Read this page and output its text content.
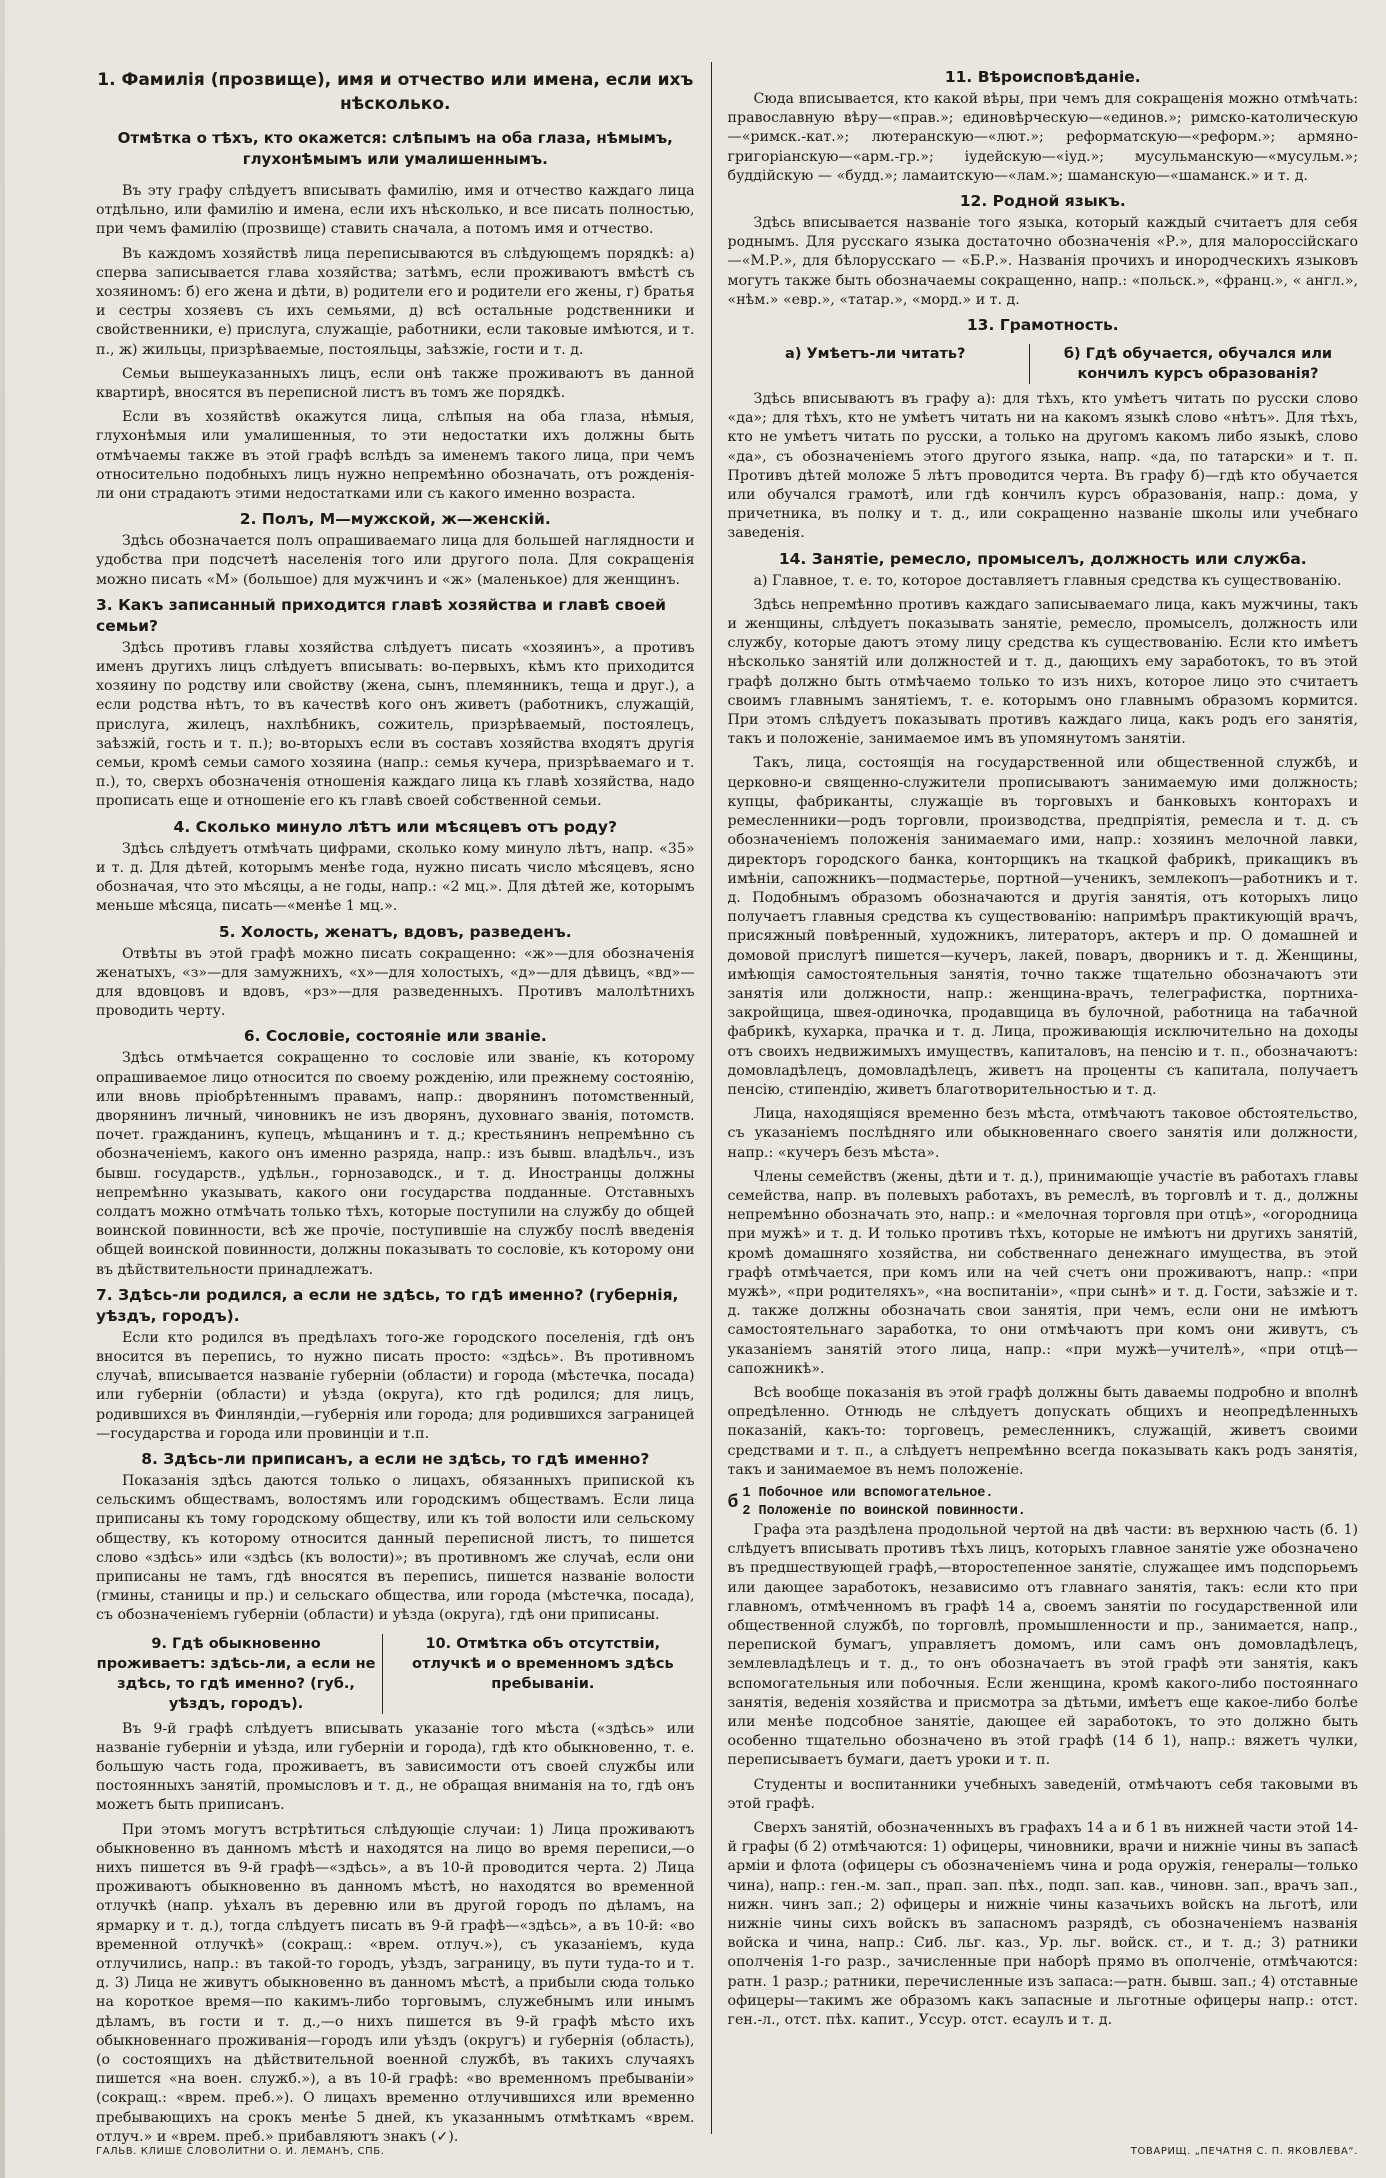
1. Фамилія (прозвище), имя и отчество или имена, если ихъ нѣсколько.
Отмѣтка о тѣхъ, кто окажется: слѣпымъ на оба глаза, нѣмымъ, глухонѣмымъ или умалишеннымъ.

Въ эту графу слѣдуетъ вписывать фамилію, имя и отчество каждаго лица отдѣльно, или фамилію и имена, если ихъ нѣсколько, и все писать полностью, при чемъ фамилію (прозвище) ставить сначала, а потомъ имя и отчество.

Въ каждомъ хозяйствѣ лица переписываются въ слѣдующемъ порядкѣ: а) сперва записывается глава хозяйства; затѣмъ, если проживаютъ вмѣстѣ съ хозяиномъ: б) его жена и дѣти, в) родители его и родители его жены, г) братья и сестры хозяевъ съ ихъ семьями, д) всѣ остальные родственники и свойственники, е) прислуга, служащіе, работники, если таковые имѣются, и т. п., ж) жильцы, призрѣваемые, постояльцы, заѣзжіе, гости и т. д.

Семьи вышеуказанныхъ лицъ, если онѣ также проживаютъ въ данной квартирѣ, вносятся въ переписной листъ въ томъ же порядкѣ.

Если въ хозяйствѣ окажутся лица, слѣпыя на оба глаза, нѣмыя, глухонѣмыя или умалишенныя, то эти недостатки ихъ должны быть отмѣчаемы также въ этой графѣ вслѣдъ за именемъ такого лица, при чемъ относительно подобныхъ лицъ нужно непремѣнно обозначать, отъ рожденія-ли они страдаютъ этими недостатками или съ какого именно возраста.

2. Полъ, М—мужской, ж—женскій.

Здѣсь обозначается полъ опрашиваемаго лица для большей наглядности и удобства при подсчетѣ населенія того или другого пола. Для сокращенія можно писать «М» (большое) для мужчинъ и «ж» (маленькое) для женщинъ.

3. Какъ записанный приходится главѣ хозяйства и главѣ своей семьи?

Здѣсь противъ главы хозяйства слѣдуетъ писать «хозяинъ», а противъ именъ другихъ лицъ слѣдуетъ вписывать: во-первыхъ, кѣмъ кто приходится хозяину по родству или свойству (жена, сынъ, племянникъ, теща и друг.), а если родства нѣтъ, то въ качествѣ кого онъ живетъ (работникъ, служащій, прислуга, жилецъ, нахлѣбникъ, сожитель, призрѣваемый, постоялецъ, заѣзжій, гость и т. п.); во-вторыхъ если въ составъ хозяйства входятъ другія семьи, кромѣ семьи самого хозяина (напр.: семья кучера, призрѣваемаго и т. п.), то, сверхъ обозначенія отношенія каждаго лица къ главѣ хозяйства, надо прописать еще и отношеніе его къ главѣ своей собственной семьи.

4. Сколько минуло лѣтъ или мѣсяцевъ отъ роду?

Здѣсь слѣдуетъ отмѣчать цифрами, сколько кому минуло лѣтъ, напр. «35» и т. д. Для дѣтей, которымъ менѣе года, нужно писать число мѣсяцевъ, ясно обозначая, что это мѣсяцы, а не годы, напр.: «2 мц.». Для дѣтей же, которымъ меньше мѣсяца, писать—«менѣе 1 мц.».

5. Холость, женатъ, вдовъ, разведенъ.

Отвѣты въ этой графѣ можно писать сокращенно: «ж»—для обозначенія женатыхъ, «з»—для замужнихъ, «х»—для холостыхъ, «д»—для дѣвицъ, «вд»—для вдовцовъ и вдовъ, «рз»—для разведенныхъ. Противъ малолѣтнихъ проводить черту.

6. Сословіе, состояніе или званіе.

Здѣсь отмѣчается сокращенно то сословіе или званіе, къ которому опрашиваемое лицо относится по своему рожденію, или прежнему состоянію, или вновь пріобрѣтеннымъ правамъ, напр.: дворянинъ потомственный, дворянинъ личный, чиновникъ не изъ дворянъ, духовнаго званія, потомств. почет. гражданинъ, купецъ, мѣщанинъ и т. д.; крестьянинъ непремѣнно съ обозначеніемъ, какого онъ именно разряда, напр.: изъ бывш. владѣльч., изъ бывш. государств., удѣльн., горнозаводск., и т. д. Иностранцы должны непремѣнно указывать, какого они государства подданные. Отставныхъ солдатъ можно отмѣчать только тѣхъ, которые поступили на службу до общей воинской повинности, всѣ же прочіе, поступившіе на службу послѣ введенія общей воинской повинности, должны показывать то сословіе, къ которому они въ дѣйствительности принадлежатъ.

7. Здѣсь-ли родился, а если не здѣсь, то гдѣ именно? (губернія, уѣздъ, городъ).

Если кто родился въ предѣлахъ того-же городского поселенія, гдѣ онъ вносится въ перепись, то нужно писать просто: «здѣсь». Въ противномъ случаѣ, вписывается названіе губерніи (области) и города (мѣстечка, посада) или губерніи (области) и уѣзда (округа), кто гдѣ родился; для лицъ, родившихся въ Финляндіи,—губернія или города; для родившихся заграницей—государства и города или провинціи и т.п.

8. Здѣсь-ли приписанъ, а если не здѣсь, то гдѣ именно?

Показанія здѣсь даются только о лицахъ, обязанныхъ припиской къ сельскимъ обществамъ, волостямъ или городскимъ обществамъ. Если лица приписаны къ тому городскому обществу, или къ той волости или сельскому обществу, къ которому относится данный переписной листъ, то пишется слово «здѣсь» или «здѣсь (къ волости)»; въ противномъ же случаѣ, если они приписаны не тамъ, гдѣ вносятся въ перепись, пишется названіе волости (гмины, станицы и пр.) и сельскаго общества, или города (мѣстечка, посада), съ обозначеніемъ губерніи (области) и уѣзда (округа), гдѣ они приписаны.

9. Гдѣ обыкновенно проживаетъ: здѣсь-ли, а если не здѣсь, то гдѣ именно? (губ., уѣздъ, городъ).
10. Отмѣтка объ отсутствіи, отлучкѣ и о временномъ здѣсь пребываніи.

Въ 9-й графѣ слѣдуетъ вписывать указаніе того мѣста («здѣсь» или названіе губерніи и уѣзда, или губерніи и города), гдѣ кто обыкновенно, т. е. большую часть года, проживаетъ, въ зависимости отъ своей службы или постоянныхъ занятій, промысловъ и т. д., не обращая вниманія на то, гдѣ онъ можетъ быть приписанъ.

При этомъ могутъ встрѣтиться слѣдующіе случаи: 1) Лица проживаютъ обыкновенно въ данномъ мѣстѣ и находятся на лицо во время переписи,—о нихъ пишется въ 9-й графѣ—«здѣсь», а въ 10-й проводится черта. 2) Лица проживаютъ обыкновенно въ данномъ мѣстѣ, но находятся во временной отлучкѣ (напр. уѣхалъ въ деревню или въ другой городъ по дѣламъ, на ярмарку и т. д.), тогда слѣдуетъ писать въ 9-й графѣ—«здѣсь», а въ 10-й: «во временной отлучкѣ» (сокращ.: «врем. отлуч.»), съ указаніемъ, куда отлучились, напр.: въ такой-то городъ, уѣздъ, заграницу, въ пути туда-то и т. д. 3) Лица не живутъ обыкновенно въ данномъ мѣстѣ, а прибыли сюда только на короткое время—по какимъ-либо торговымъ, служебнымъ или инымъ дѣламъ, въ гости и т. д.,—о нихъ пишется въ 9-й графѣ мѣсто ихъ обыкновеннаго проживанія—городъ или уѣздъ (округъ) и губернія (область), (о состоящихъ на дѣйствительной военной службѣ, въ такихъ случаяхъ пишется «на воен. служб.»), а въ 10-й графѣ: «во временномъ пребываніи» (сокращ.: «врем. преб.»). О лицахъ временно отлучившихся или временно пребывающихъ на срокъ менѣе 5 дней, къ указаннымъ отмѣткамъ «врем. отлуч.» и «врем. преб.» прибавляютъ знакъ (✓).

11. Вѣроисповѣданіе.

Сюда вписывается, кто какой вѣры, при чемъ для сокращенія можно отмѣчать: православную вѣру—«прав.»; единовѣрческую—«единов.»; римско-католическую—«римск.-кат.»; лютеранскую—«лют.»; реформатскую—«реформ.»; армяно-григоріанскую—«арм.-гр.»; іудейскую—«іуд.»; мусульманскую—«мусульм.»; буддійскую — «будд.»; ламаитскую—«лам.»; шаманскую—«шаманск.» и т. д.

12. Родной языкъ.

Здѣсь вписывается названіе того языка, который каждый считаетъ для себя роднымъ. Для русскаго языка достаточно обозначенія «Р.», для малороссійскаго—«М.Р.», для бѣлорусскаго — «Б.Р.». Названія прочихъ и инородческихъ языковъ могутъ также быть обозначаемы сокращенно, напр.: «польск.», «франц.», « англ.», «нѣм.» «евр.», «татар.», «морд.» и т. д.

13. Грамотность.
а) Умѣетъ-ли читать?	б) Гдѣ обучается, обучался или кончилъ курсъ образованія?

Здѣсь вписываютъ въ графу а): для тѣхъ, кто умѣетъ читать по русски слово «да»; для тѣхъ, кто не умѣетъ читать ни на какомъ языкѣ слово «нѣтъ». Для тѣхъ, кто не умѣетъ читать по русски, а только на другомъ какомъ либо языкѣ, слово «да», съ обозначеніемъ этого другого языка, напр. «да, по татарски» и т. п. Противъ дѣтей моложе 5 лѣтъ проводится черта. Въ графу б)—гдѣ кто обучается или обучался грамотѣ, или гдѣ кончилъ курсъ образованія, напр.: дома, у причетника, въ полку и т. д., или сокращенно названіе школы или учебнаго заведенія.

14. Занятіе, ремесло, промыселъ, должность или служба.

а) Главное, т. е. то, которое доставляетъ главныя средства къ существованію.

Здѣсь непремѣнно противъ каждаго записываемаго лица, какъ мужчины, такъ и женщины, слѣдуетъ показывать занятіе, ремесло, промыселъ, должность или службу, которые даютъ этому лицу средства къ существованію. Если кто имѣетъ нѣсколько занятій или должностей и т. д., дающихъ ему заработокъ, то въ этой графѣ должно быть отмѣчаемо только то изъ нихъ, которое лицо это считаетъ своимъ главнымъ занятіемъ, т. е. которымъ оно главнымъ образомъ кормится. При этомъ слѣдуетъ показывать противъ каждаго лица, какъ родъ его занятія, такъ и положеніе, занимаемое имъ въ упомянутомъ занятіи.

Такъ, лица, состоящія на государственной или общественной службѣ, и церковно-и священно-служители прописываютъ занимаемую ими должность; купцы, фабриканты, служащіе въ торговыхъ и банковыхъ конторахъ и ремесленники—родъ торговли, производства, предпріятія, ремесла и т. д. съ обозначеніемъ положенія занимаемаго ими, напр.: хозяинъ мелочной лавки, директоръ городского банка, конторщикъ на ткацкой фабрикѣ, прикащикъ въ имѣніи, сапожникъ—подмастерье, портной—ученикъ, землекопъ—работникъ и т. д. Подобнымъ образомъ обозначаются и другія занятія, отъ которыхъ лицо получаетъ главныя средства къ существованію: напримѣръ практикующій врачъ, присяжный повѣренный, художникъ, литераторъ, актеръ и пр. О домашней и домовой прислугѣ пишется—кучеръ, лакей, поваръ, дворникъ и т. д. Женщины, имѣющія самостоятельныя занятія, точно также тщательно обозначаютъ эти занятія или должности, напр.: женщина-врачъ, телеграфистка, портниха-закройщица, швея-одиночка, продавщица въ булочной, работница на табачной фабрикѣ, кухарка, прачка и т. д. Лица, проживающія исключительно на доходы отъ своихъ недвижимыхъ имуществъ, капиталовъ, на пенсію и т. п., обозначаютъ: домовладѣлецъ, домовладѣлецъ, живетъ на проценты съ капитала, получаетъ пенсію, стипендію, живетъ благотворительностью и т. д.

Лица, находящіяся временно безъ мѣста, отмѣчаютъ таковое обстоятельство, съ указаніемъ послѣдняго или обыкновеннаго своего занятія или должности, напр.: «кучеръ безъ мѣста».

Члены семействъ (жены, дѣти и т. д.), принимающіе участіе въ работахъ главы семейства, напр. въ полевыхъ работахъ, въ ремеслѣ, въ торговлѣ и т. д., должны непремѣнно обозначать это, напр.: и «мелочная торговля при отцѣ», «огородница при мужѣ» и т. д. И только противъ тѣхъ, которые не имѣютъ ни другихъ занятій, кромѣ домашняго хозяйства, ни собственнаго денежнаго имущества, въ этой графѣ отмѣчается, при комъ или на чей счетъ они проживаютъ, напр.: «при мужѣ», «при родителяхъ», «на воспитаніи», «при сынѣ» и т. д. Гости, заѣзжіе и т. д. также должны обозначать свои занятія, при чемъ, если они не имѣютъ самостоятельнаго заработка, то они отмѣчаютъ при комъ они живутъ, съ указаніемъ занятій этого лица, напр.: «при мужѣ—учителѣ», «при отцѣ—сапожникѣ».

Всѣ вообще показанія въ этой графѣ должны быть даваемы подробно и вполнѣ опредѣленно. Отнюдь не слѣдуетъ допускать общихъ и неопредѣленныхъ показаній, какъ-то: торговецъ, ремесленникъ, служащій, живетъ своими средствами и т. п., а слѣдуетъ непремѣнно всегда показывать какъ родъ занятія, такъ и занимаемое въ немъ положеніе.

б 1 Побочное или вспомогательное.
2 Положеніе по воинской повинности.

Графа эта раздѣлена продольной чертой на двѣ части: въ верхнюю часть (б. 1) слѣдуетъ вписывать противъ тѣхъ лицъ, которыхъ главное занятіе уже обозначено въ предшествующей графѣ,—второстепенное занятіе, служащее имъ подспорьемъ или дающее заработокъ, независимо отъ главнаго занятія, такъ: если кто при главномъ, отмѣченномъ въ графѣ 14 а, своемъ занятіи по государственной или общественной службѣ, по торговлѣ, промышленности и пр., занимается, напр., перепиской бумагъ, управляетъ домомъ, или самъ онъ домовладѣлецъ, землевладѣлецъ и т. д., то онъ обозначаетъ въ этой графѣ эти занятія, какъ вспомогательныя или побочныя. Если женщина, кромѣ какого-либо постояннаго занятія, веденія хозяйства и присмотра за дѣтьми, имѣетъ еще какое-либо болѣе или менѣе подсобное занятіе, дающее ей заработокъ, то это должно быть особенно тщательно обозначено въ этой графѣ (14 б 1), напр.: вяжетъ чулки, переписываетъ бумаги, даетъ уроки и т. п.

Студенты и воспитанники учебныхъ заведеній, отмѣчаютъ себя таковыми въ этой графѣ.

Сверхъ занятій, обозначенныхъ въ графахъ 14 а и б 1 въ нижней части этой 14-й графы (б 2) отмѣчаются: 1) офицеры, чиновники, врачи и нижніе чины въ запасѣ арміи и флота (офицеры съ обозначеніемъ чина и рода оружія, генералы—только чина), напр.: ген.-м. зап., прап. зап. пѣх., подп. зап. кав., чиновн. зап., врачъ зап., нижн. чинъ зап.; 2) офицеры и нижніе чины казачьихъ войскъ на льготѣ, или нижніе чины сихъ войскъ въ запасномъ разрядѣ, съ обозначеніемъ названія войска и чина, напр.: Сиб. льг. каз., Ур. льг. войск. ст., и т. д.; 3) ратники ополченія 1-го разр., зачисленные при наборѣ прямо въ ополченіе, отмѣчаются: ратн. 1 разр.; ратники, перечисленные изъ запаса:—ратн. бывш. зап.; 4) отставные офицеры—такимъ же образомъ какъ запасные и льготные офицеры напр.: отст. ген.-л., отст. пѣх. капит., Уссур. отст. есаулъ и т. д.

ГАЛЬВ. КЛИШЕ СЛОВОЛИТНИ О. И. ЛЕМАНЪ, СПБ.	ТОВАРИЩ. „ПЕЧАТНЯ С. П. ЯКОВЛЕВА“.
